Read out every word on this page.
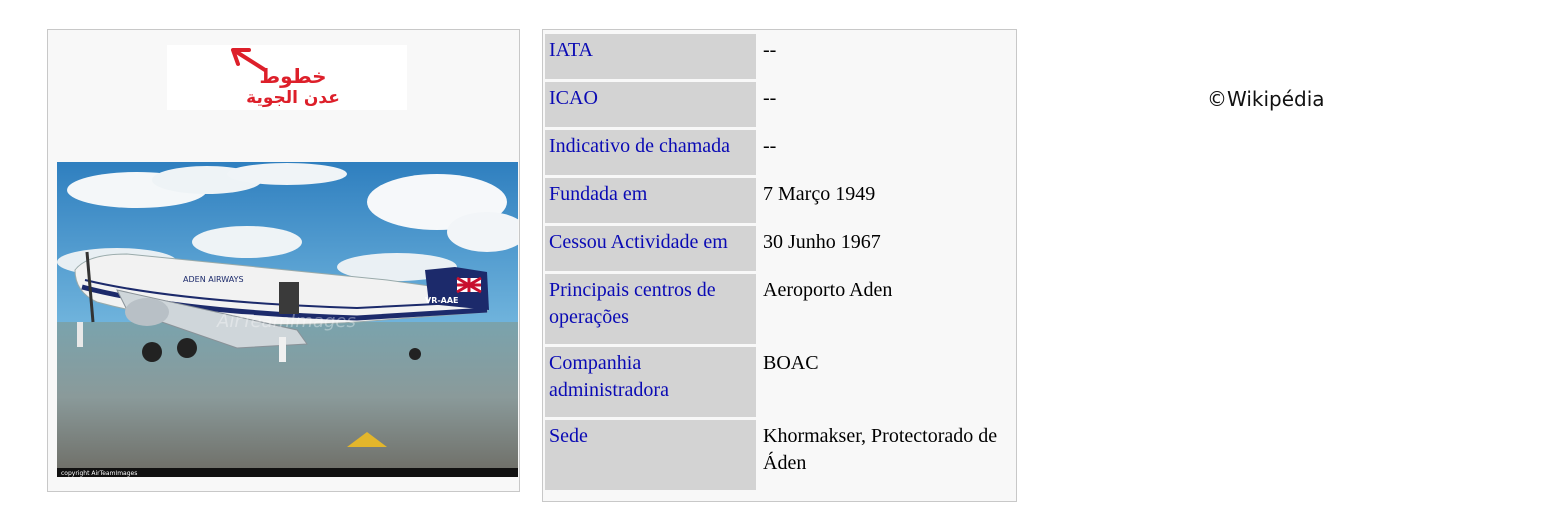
خطوط
عدن الجوية
ADEN AIRWAYS
VR-AAE
AirTeamImages
copyright AirTeamImages
IATA	--
ICAO	--
Indicativo de chamada	--
Fundada em	7 Março 1949
Cessou Actividade em	30 Junho 1967
Principais centros de operações	Aeroporto Aden
Companhia administradora	BOAC
Sede	Khormakser, Protectorado de Áden
©Wikipédia
